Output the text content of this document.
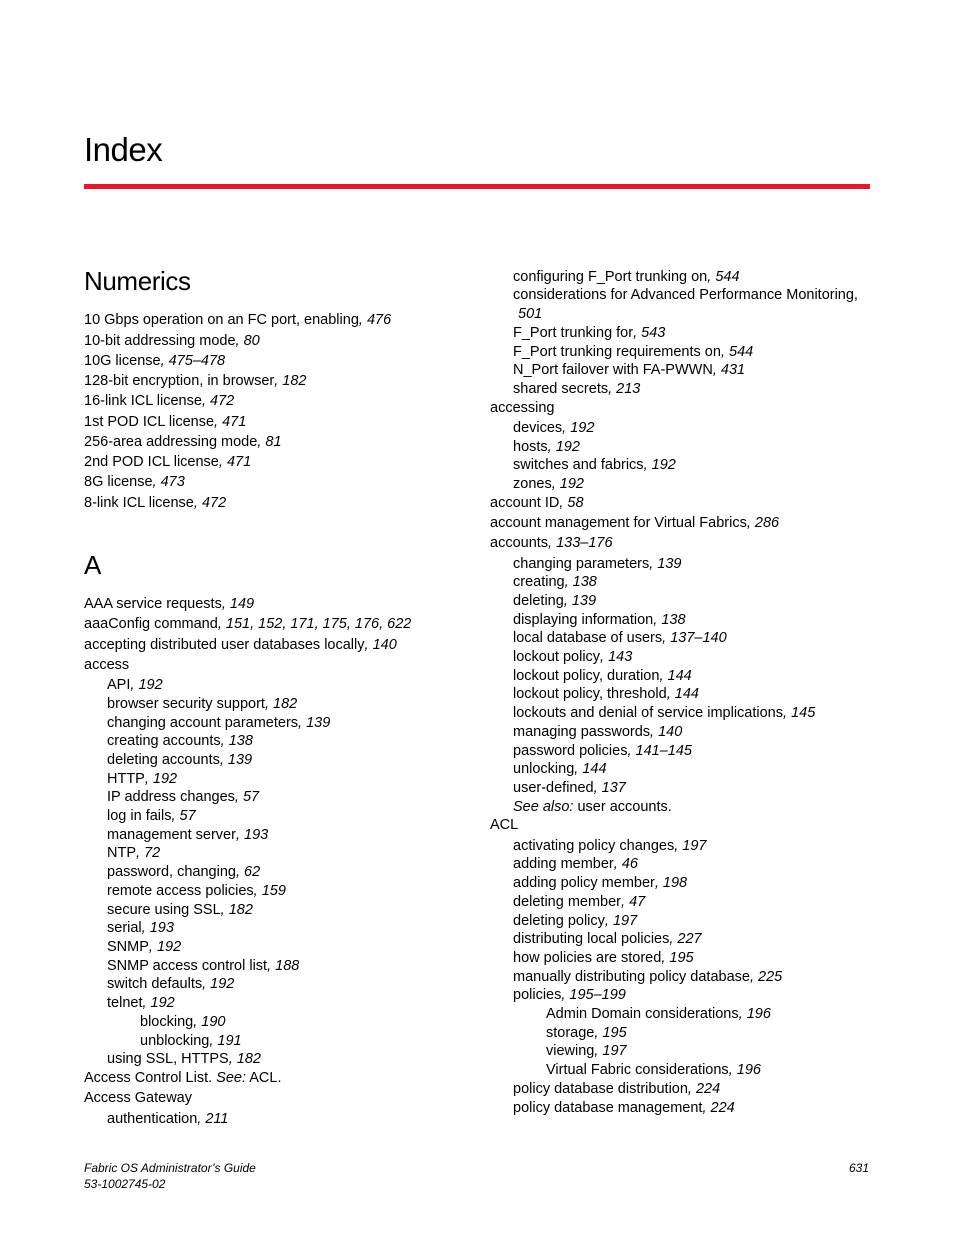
Index
Numerics
10 Gbps operation on an FC port, enabling, 476
10-bit addressing mode, 80
10G license, 475–478
128-bit encryption, in browser, 182
16-link ICL license, 472
1st POD ICL license, 471
256-area addressing mode, 81
2nd POD ICL license, 471
8G license, 473
8-link ICL license, 472
A
AAA service requests, 149
aaaConfig command, 151, 152, 171, 175, 176, 622
accepting distributed user databases locally, 140
access
API, 192
browser security support, 182
changing account parameters, 139
creating accounts, 138
deleting accounts, 139
HTTP, 192
IP address changes, 57
log in fails, 57
management server, 193
NTP, 72
password, changing, 62
remote access policies, 159
secure using SSL, 182
serial, 193
SNMP, 192
SNMP access control list, 188
switch defaults, 192
telnet, 192
blocking, 190
unblocking, 191
using SSL, HTTPS, 182
Access Control List. See: ACL.
Access Gateway
authentication, 211
configuring F_Port trunking on, 544
considerations for Advanced Performance Monitoring,
501
F_Port trunking for, 543
F_Port trunking requirements on, 544
N_Port failover with FA-PWWN, 431
shared secrets, 213
accessing
devices, 192
hosts, 192
switches and fabrics, 192
zones, 192
account ID, 58
account management for Virtual Fabrics, 286
accounts, 133–176
changing parameters, 139
creating, 138
deleting, 139
displaying information, 138
local database of users, 137–140
lockout policy, 143
lockout policy, duration, 144
lockout policy, threshold, 144
lockouts and denial of service implications, 145
managing passwords, 140
password policies, 141–145
unlocking, 144
user-defined, 137
See also: user accounts.
ACL
activating policy changes, 197
adding member, 46
adding policy member, 198
deleting member, 47
deleting policy, 197
distributing local policies, 227
how policies are stored, 195
manually distributing policy database, 225
policies, 195–199
Admin Domain considerations, 196
storage, 195
viewing, 197
Virtual Fabric considerations, 196
policy database distribution, 224
policy database management, 224
Fabric OS Administrator’s Guide
53-1002745-02
631
